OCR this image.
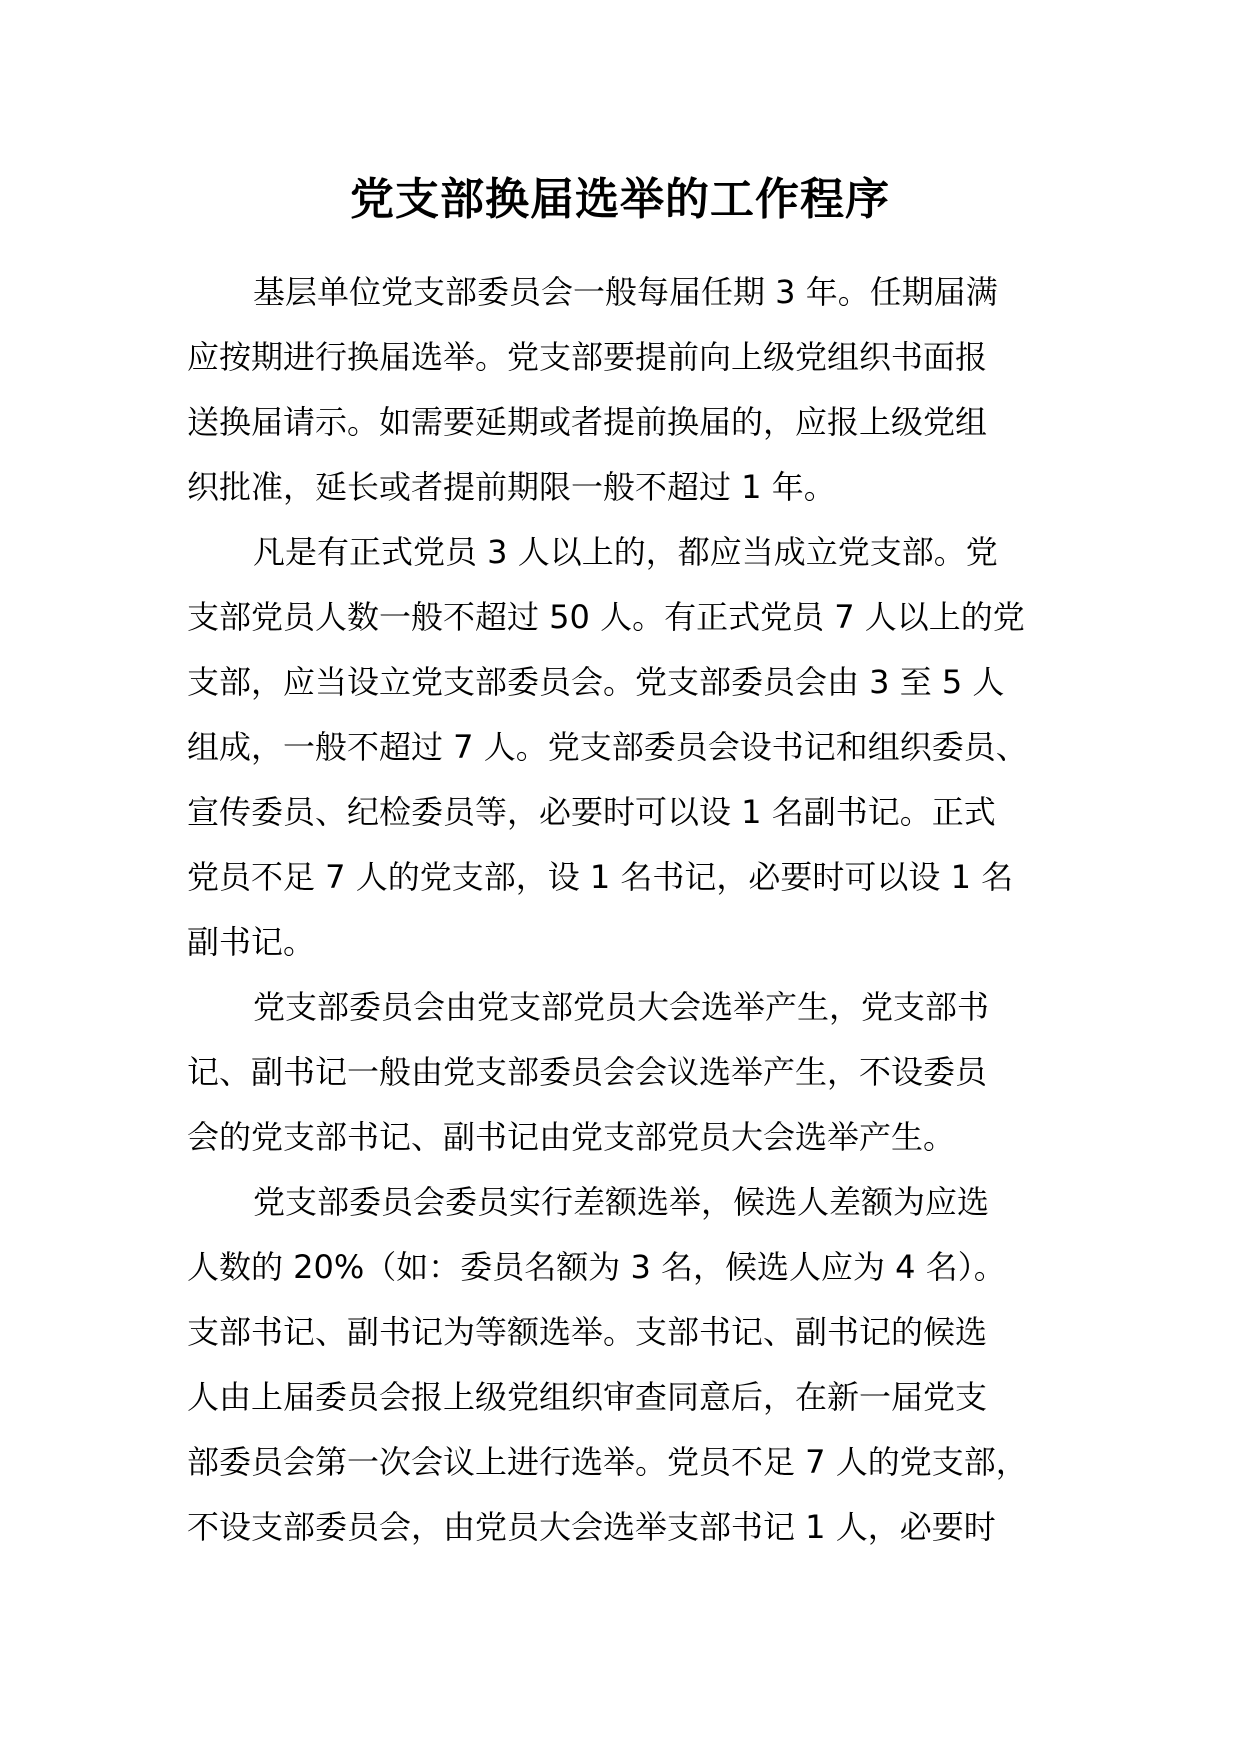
党支部换届选举的工作程序

基层单位党支部委员会一般每届任期 3 年。任期届满

应按期进行换届选举。党支部要提前向上级党组织书面报

送换届请示。如需要延期或者提前换届的，应报上级党组

织批准，延长或者提前期限一般不超过 1 年。

凡是有正式党员 3 人以上的，都应当成立党支部。党

支部党员人数一般不超过 50 人。有正式党员 7 人以上的党

支部，应当设立党支部委员会。党支部委员会由 3 至 5 人

组成，一般不超过 7 人。党支部委员会设书记和组织委员、

宣传委员、纪检委员等，必要时可以设 1 名副书记。正式

党员不足 7 人的党支部，设 1 名书记，必要时可以设 1 名

副书记。

党支部委员会由党支部党员大会选举产生，党支部书

记、副书记一般由党支部委员会会议选举产生，不设委员

会的党支部书记、副书记由党支部党员大会选举产生。

党支部委员会委员实行差额选举，候选人差额为应选

人数的 20%（如：委员名额为 3 名，候选人应为 4 名）。

支部书记、副书记为等额选举。支部书记、副书记的候选

人由上届委员会报上级党组织审查同意后，在新一届党支

部委员会第一次会议上进行选举。党员不足 7 人的党支部，

不设支部委员会，由党员大会选举支部书记 1 人，必要时
